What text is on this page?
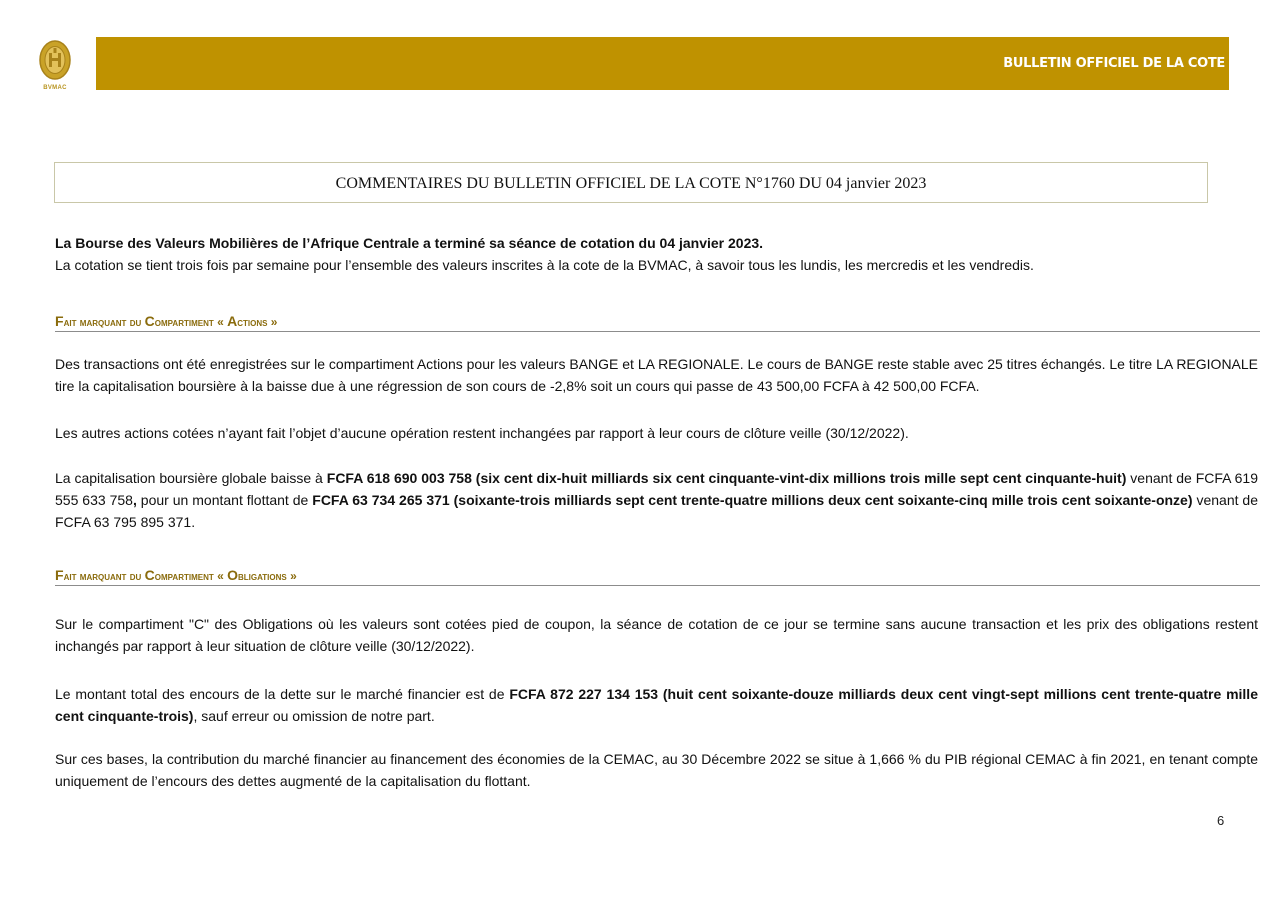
BVMAC
BULLETIN OFFICIEL DE LA COTE
COMMENTAIRES DU BULLETIN OFFICIEL DE LA COTE N°1760 DU 04 janvier 2023

La Bourse des Valeurs Mobilières de l’Afrique Centrale a terminé sa séance de cotation du 04 janvier 2023.
La cotation se tient trois fois par semaine pour l’ensemble des valeurs inscrites à la cote de la BVMAC, à savoir tous les lundis, les mercredis et les vendredis.

Fait marquant du Compartiment « Actions »

Des transactions ont été enregistrées sur le compartiment Actions pour les valeurs BANGE et LA REGIONALE. Le cours de BANGE reste stable avec 25 titres échangés. Le titre LA REGIONALE tire la capitalisation boursière à la baisse due à une régression de son cours de -2,8% soit un cours qui passe de 43 500,00 FCFA à 42 500,00 FCFA.

Les autres actions cotées n’ayant fait l’objet d’aucune opération restent inchangées par rapport à leur cours de clôture veille (30/12/2022).

La capitalisation boursière globale baisse à FCFA 618 690 003 758 (six cent dix-huit milliards six cent cinquante-vint-dix millions trois mille sept cent cinquante-huit) venant de FCFA 619 555 633 758, pour un montant flottant de FCFA 63 734 265 371 (soixante-trois milliards sept cent trente-quatre millions deux cent soixante-cinq mille trois cent soixante-onze) venant de FCFA 63 795 895 371.

Fait marquant du Compartiment « Obligations »

Sur le compartiment "C" des Obligations où les valeurs sont cotées pied de coupon, la séance de cotation de ce jour se termine sans aucune transaction et les prix des obligations restent inchangés par rapport à leur situation de clôture veille (30/12/2022).

Le montant total des encours de la dette sur le marché financier est de FCFA 872 227 134 153 (huit cent soixante-douze milliards deux cent vingt-sept millions cent trente-quatre mille cent cinquante-trois), sauf erreur ou omission de notre part.

Sur ces bases, la contribution du marché financier au financement des économies de la CEMAC, au 30 Décembre 2022 se situe à 1,666 % du PIB régional CEMAC à fin 2021, en tenant compte uniquement de l’encours des dettes augmenté de la capitalisation du flottant.

6
